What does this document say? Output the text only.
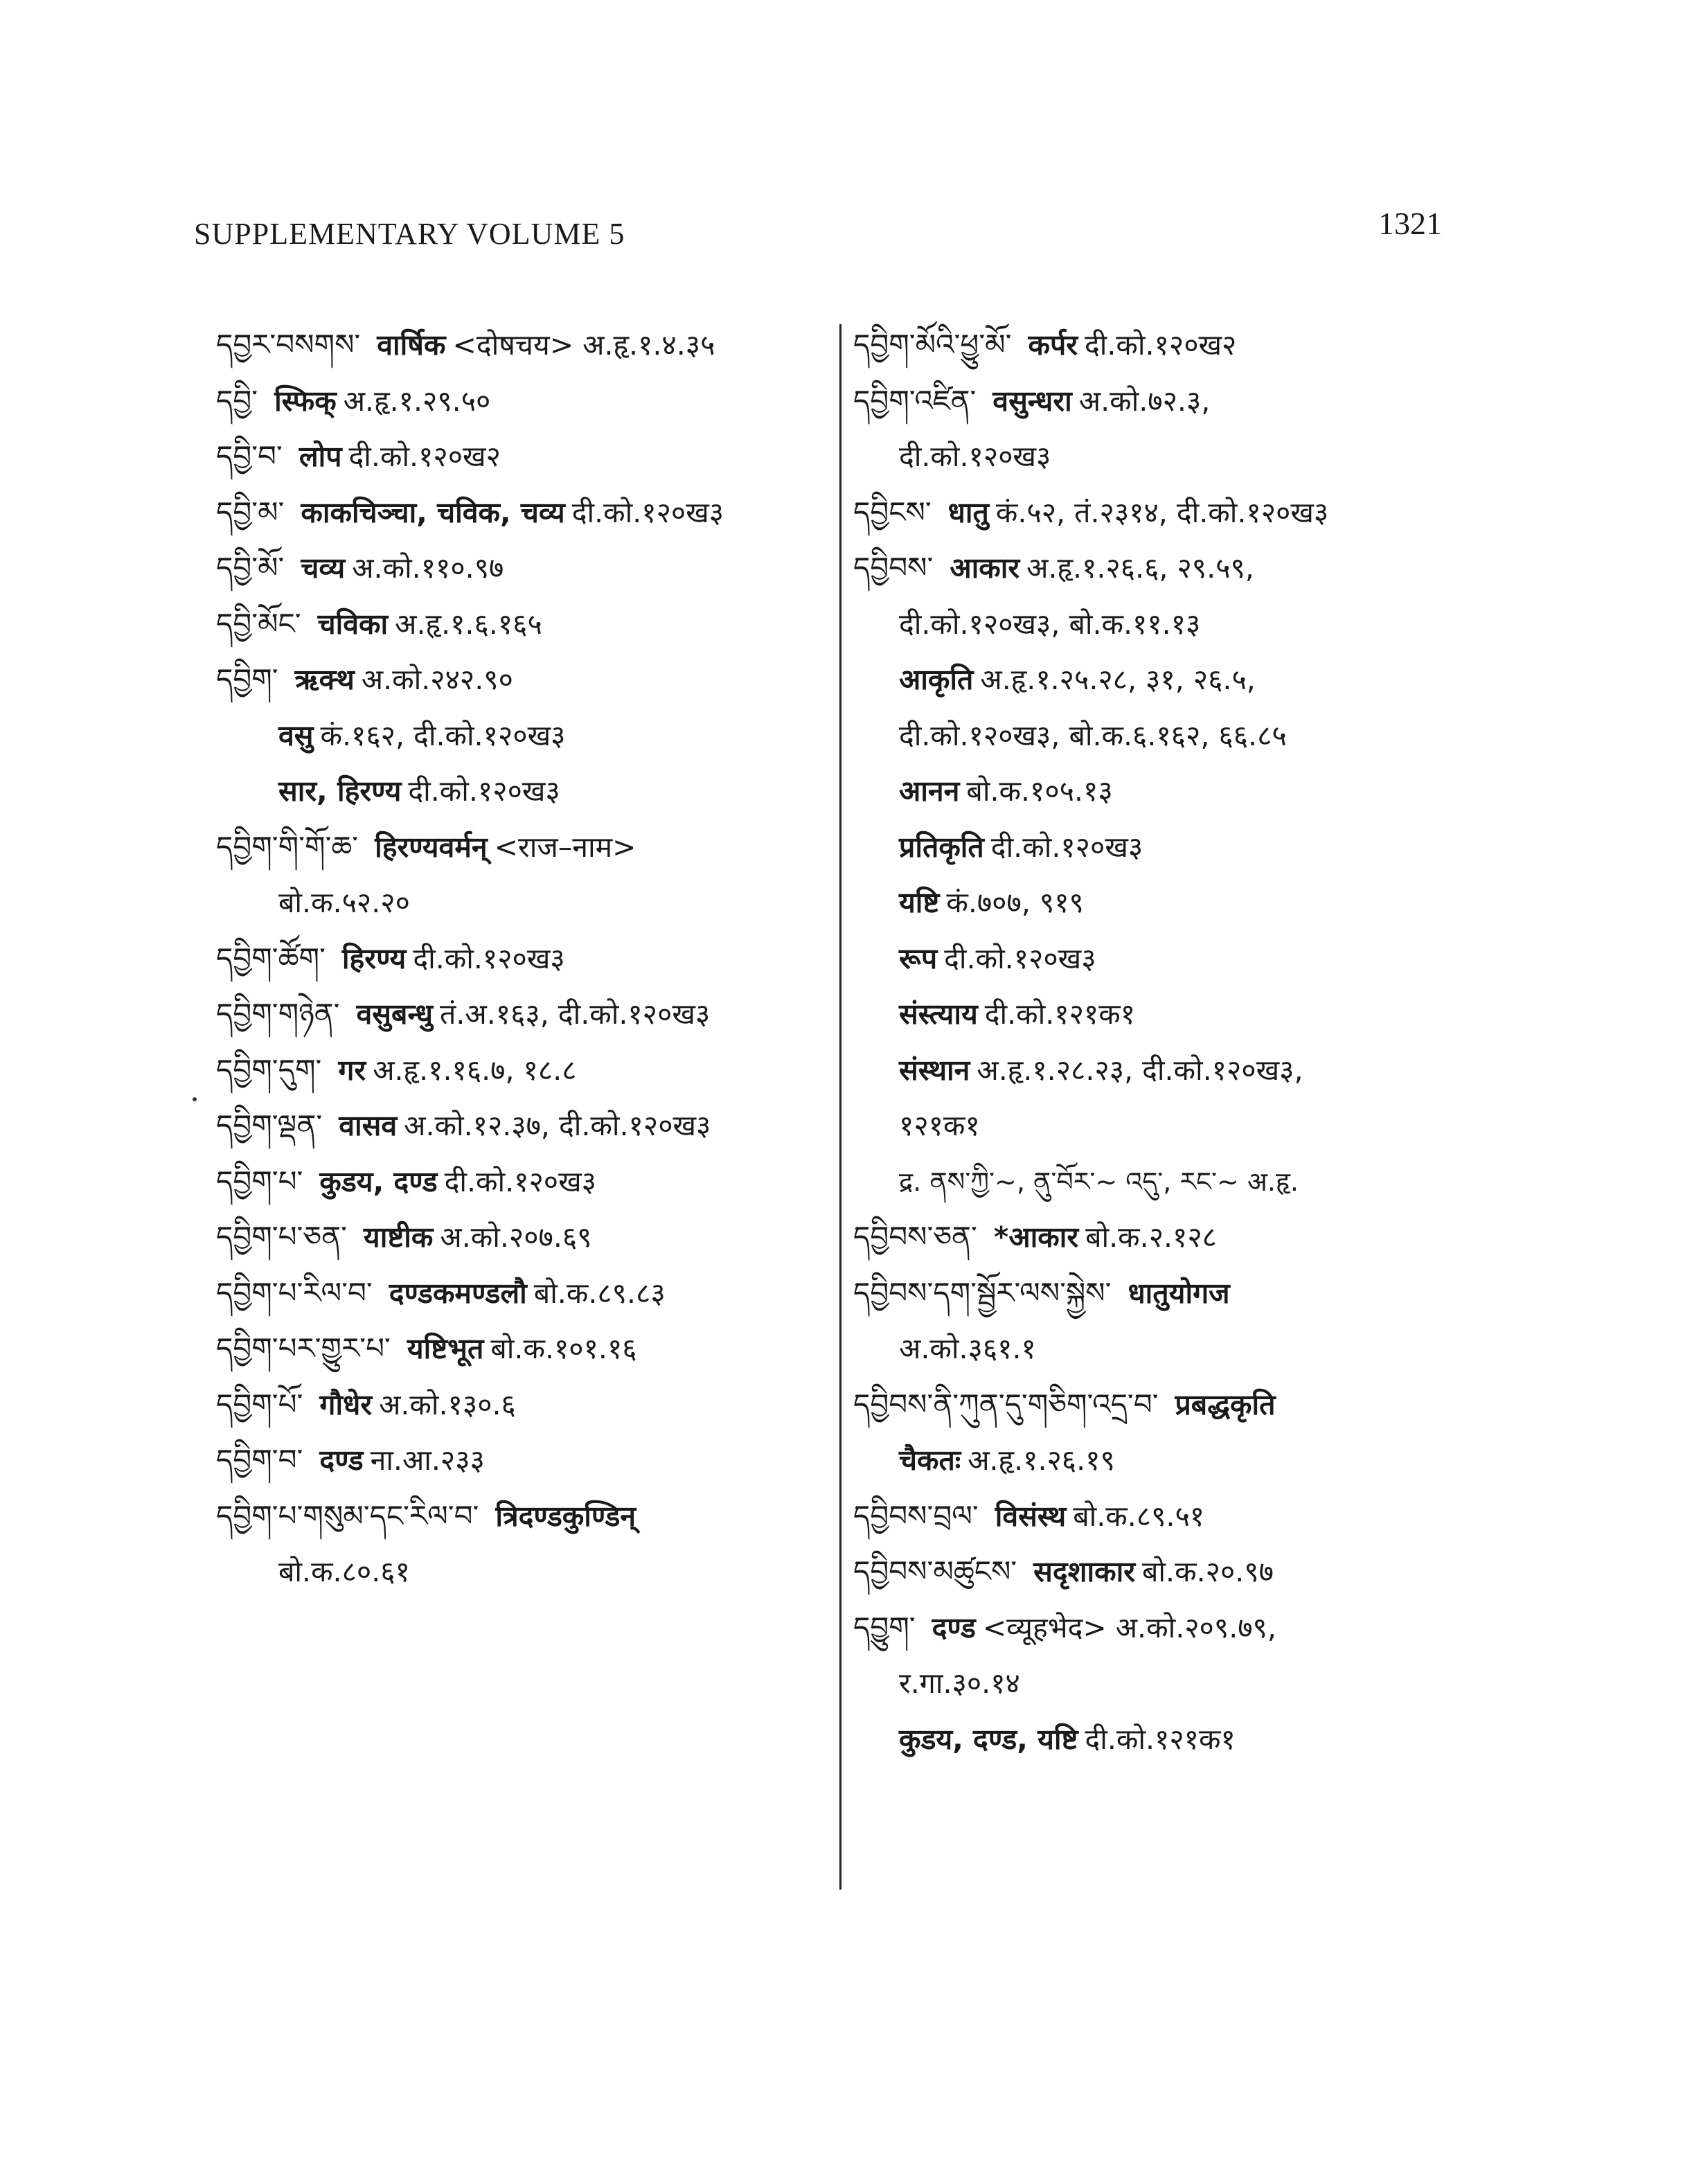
SUPPLEMENTARY VOLUME 5	1321
དབྱར་བསགས་ वार्षिक <दोषचय> अ.हृ.१.४.३५
དབྱི་ स्फिक् अ.हृ.१.२९.५०
དབྱི་བ་ लोप दी.को.१२०ख२
དབྱི་མ་ काकचिञ्चा, चविक, चव्य दी.को.१२०ख३
དབྱི་མོ་ चव्य अ.को.११०.९७
དབྱི་མོང་ चविका अ.हृ.१.६.१६५
དབྱིག་ ऋक्थ अ.को.२४२.९०
वसु कं.१६२, दी.को.१२०ख३
सार, हिरण्य दी.को.१२०ख३
དབྱིག་གི་གོ་ཆ་ हिरण्यवर्मन् <राज–नाम>
बो.क.५२.२०
དབྱིག་ཚོག་ हिरण्य दी.को.१२०ख३
དབྱིག་གཉེན་ वसुबन्धु तं.अ.१६३, दी.को.१२०ख३
དབྱིག་དུག་ गर अ.हृ.१.१६.७, १८.८
དབྱིག་ལྡན་ वासव अ.को.१२.३७, दी.को.१२०ख३
དབྱིག་པ་ कुडय, दण्ड दी.को.१२०ख३
དབྱིག་པ་ཅན་ याष्टीक अ.को.२०७.६९
དབྱིག་པ་རིལ་བ་ दण्डकमण्डलौ बो.क.८९.८३
དབྱིག་པར་གྱུར་པ་ यष्टिभूत बो.क.१०१.१६
དབྱིག་པོ་ गौधेर अ.को.१३०.६
དབྱིག་བ་ दण्ड ना.आ.२३३
དབྱིག་པ་གསུམ་དང་རིལ་བ་ त्रिदण्डकुण्डिन्
बो.क.८०.६१
དབྱིག་མོའི་ཕྱུ་མོ་ कर्पर दी.को.१२०ख२
དབྱིག་འཛིན་ वसुन्धरा अ.को.७२.३,
दी.को.१२०ख३
དབྱིངས་ धातु कं.५२, तं.२३१४, दी.को.१२०ख३
དབྱིབས་ आकार अ.हृ.१.२६.६, २९.५९,
दी.को.१२०ख३, बो.क.११.१३
आकृति अ.हृ.१.२५.२८, ३१, २६.५,
दी.को.१२०ख३, बो.क.६.१६२, ६६.८५
आनन बो.क.१०५.१३
प्रतिकृति दी.को.१२०ख३
यष्टि कं.७०७, ९१९
रूप दी.को.१२०ख३
संस्त्याय दी.को.१२१क१
संस्थान अ.हृ.१.२८.२३, दी.को.१२०ख३,
१२१क१
द्र. ནས་ཀྱི་~, ནུ་བོར་~ འདུ་, རང་~ अ.हृ.
དབྱིབས་ཅན་ *आकार बो.क.२.१२८
དབྱིབས་དག་སྦྱོར་ལས་སྐྱེས་ धातुयोगज
अ.को.३६१.१
དབྱིབས་ནི་ཀུན་དུ་གཅིག་འདྲ་བ་ प्रबद्धकृति
चैकतः अ.हृ.१.२६.१९
དབྱིབས་བྲལ་ विसंस्थ बो.क.८९.५१
དབྱིབས་མཚུངས་ सदृशाकार बो.क.२०.९७
དབྱུག་ दण्ड <व्यूहभेद> अ.को.२०९.७९,
र.गा.३०.१४
कुडय, दण्ड, यष्टि दी.को.१२१क१
